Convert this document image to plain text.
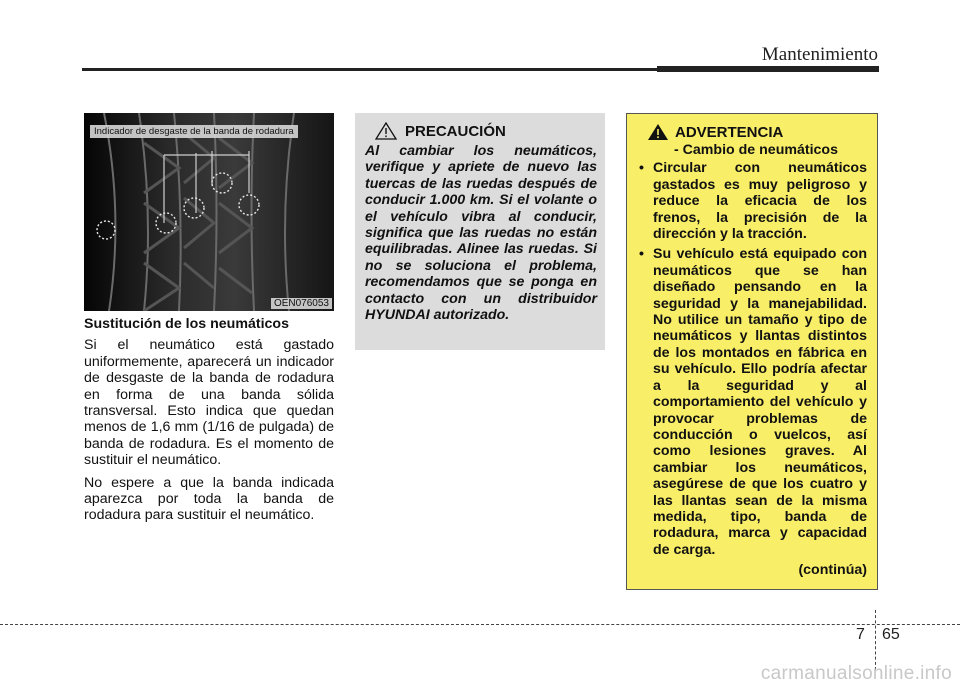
Mantenimiento
Indicador de desgaste de la banda de rodadura
OEN076053
Sustitución de los neumáticos

Si el neumático está gastado uniformemente, aparecerá un indicador de desgaste de la banda de rodadura en forma de una banda sólida transversal. Esto indica que quedan menos de 1,6 mm (1/16 de pulgada) de banda de rodadura. Es el momento de sustituir el neumático.

No espere a que la banda indicada aparezca por toda la banda de rodadura para sustituir el neumático.

PRECAUCIÓN
Al cambiar los neumáticos, verifique y apriete de nuevo las tuercas de las ruedas después de conducir 1.000 km. Si el volante o el vehículo vibra al conducir, significa que las ruedas no están equilibradas. Alinee las ruedas. Si no se soluciona el problema, recomendamos que se ponga en contacto con un distribuidor HYUNDAI autorizado.
ADVERTENCIA
- Cambio de neumáticos
• Circular con neumáticos gastados es muy peligroso y reduce la eficacia de los frenos, la precisión de la dirección y la tracción.
• Su vehículo está equipado con neumáticos que se han diseñado pensando en la seguridad y la manejabilidad. No utilice un tamaño y tipo de neumáticos y llantas distintos de los montados en fábrica en su vehículo. Ello podría afectar a la seguridad y al comportamiento del vehículo y provocar problemas de conducción o vuelcos, así como lesiones graves. Al cambiar los neumáticos, asegúrese de que los cuatro y las llantas sean de la misma medida, tipo, banda de rodadura, marca y capacidad de carga.
(continúa)
7 65
carmanualsonline.info
